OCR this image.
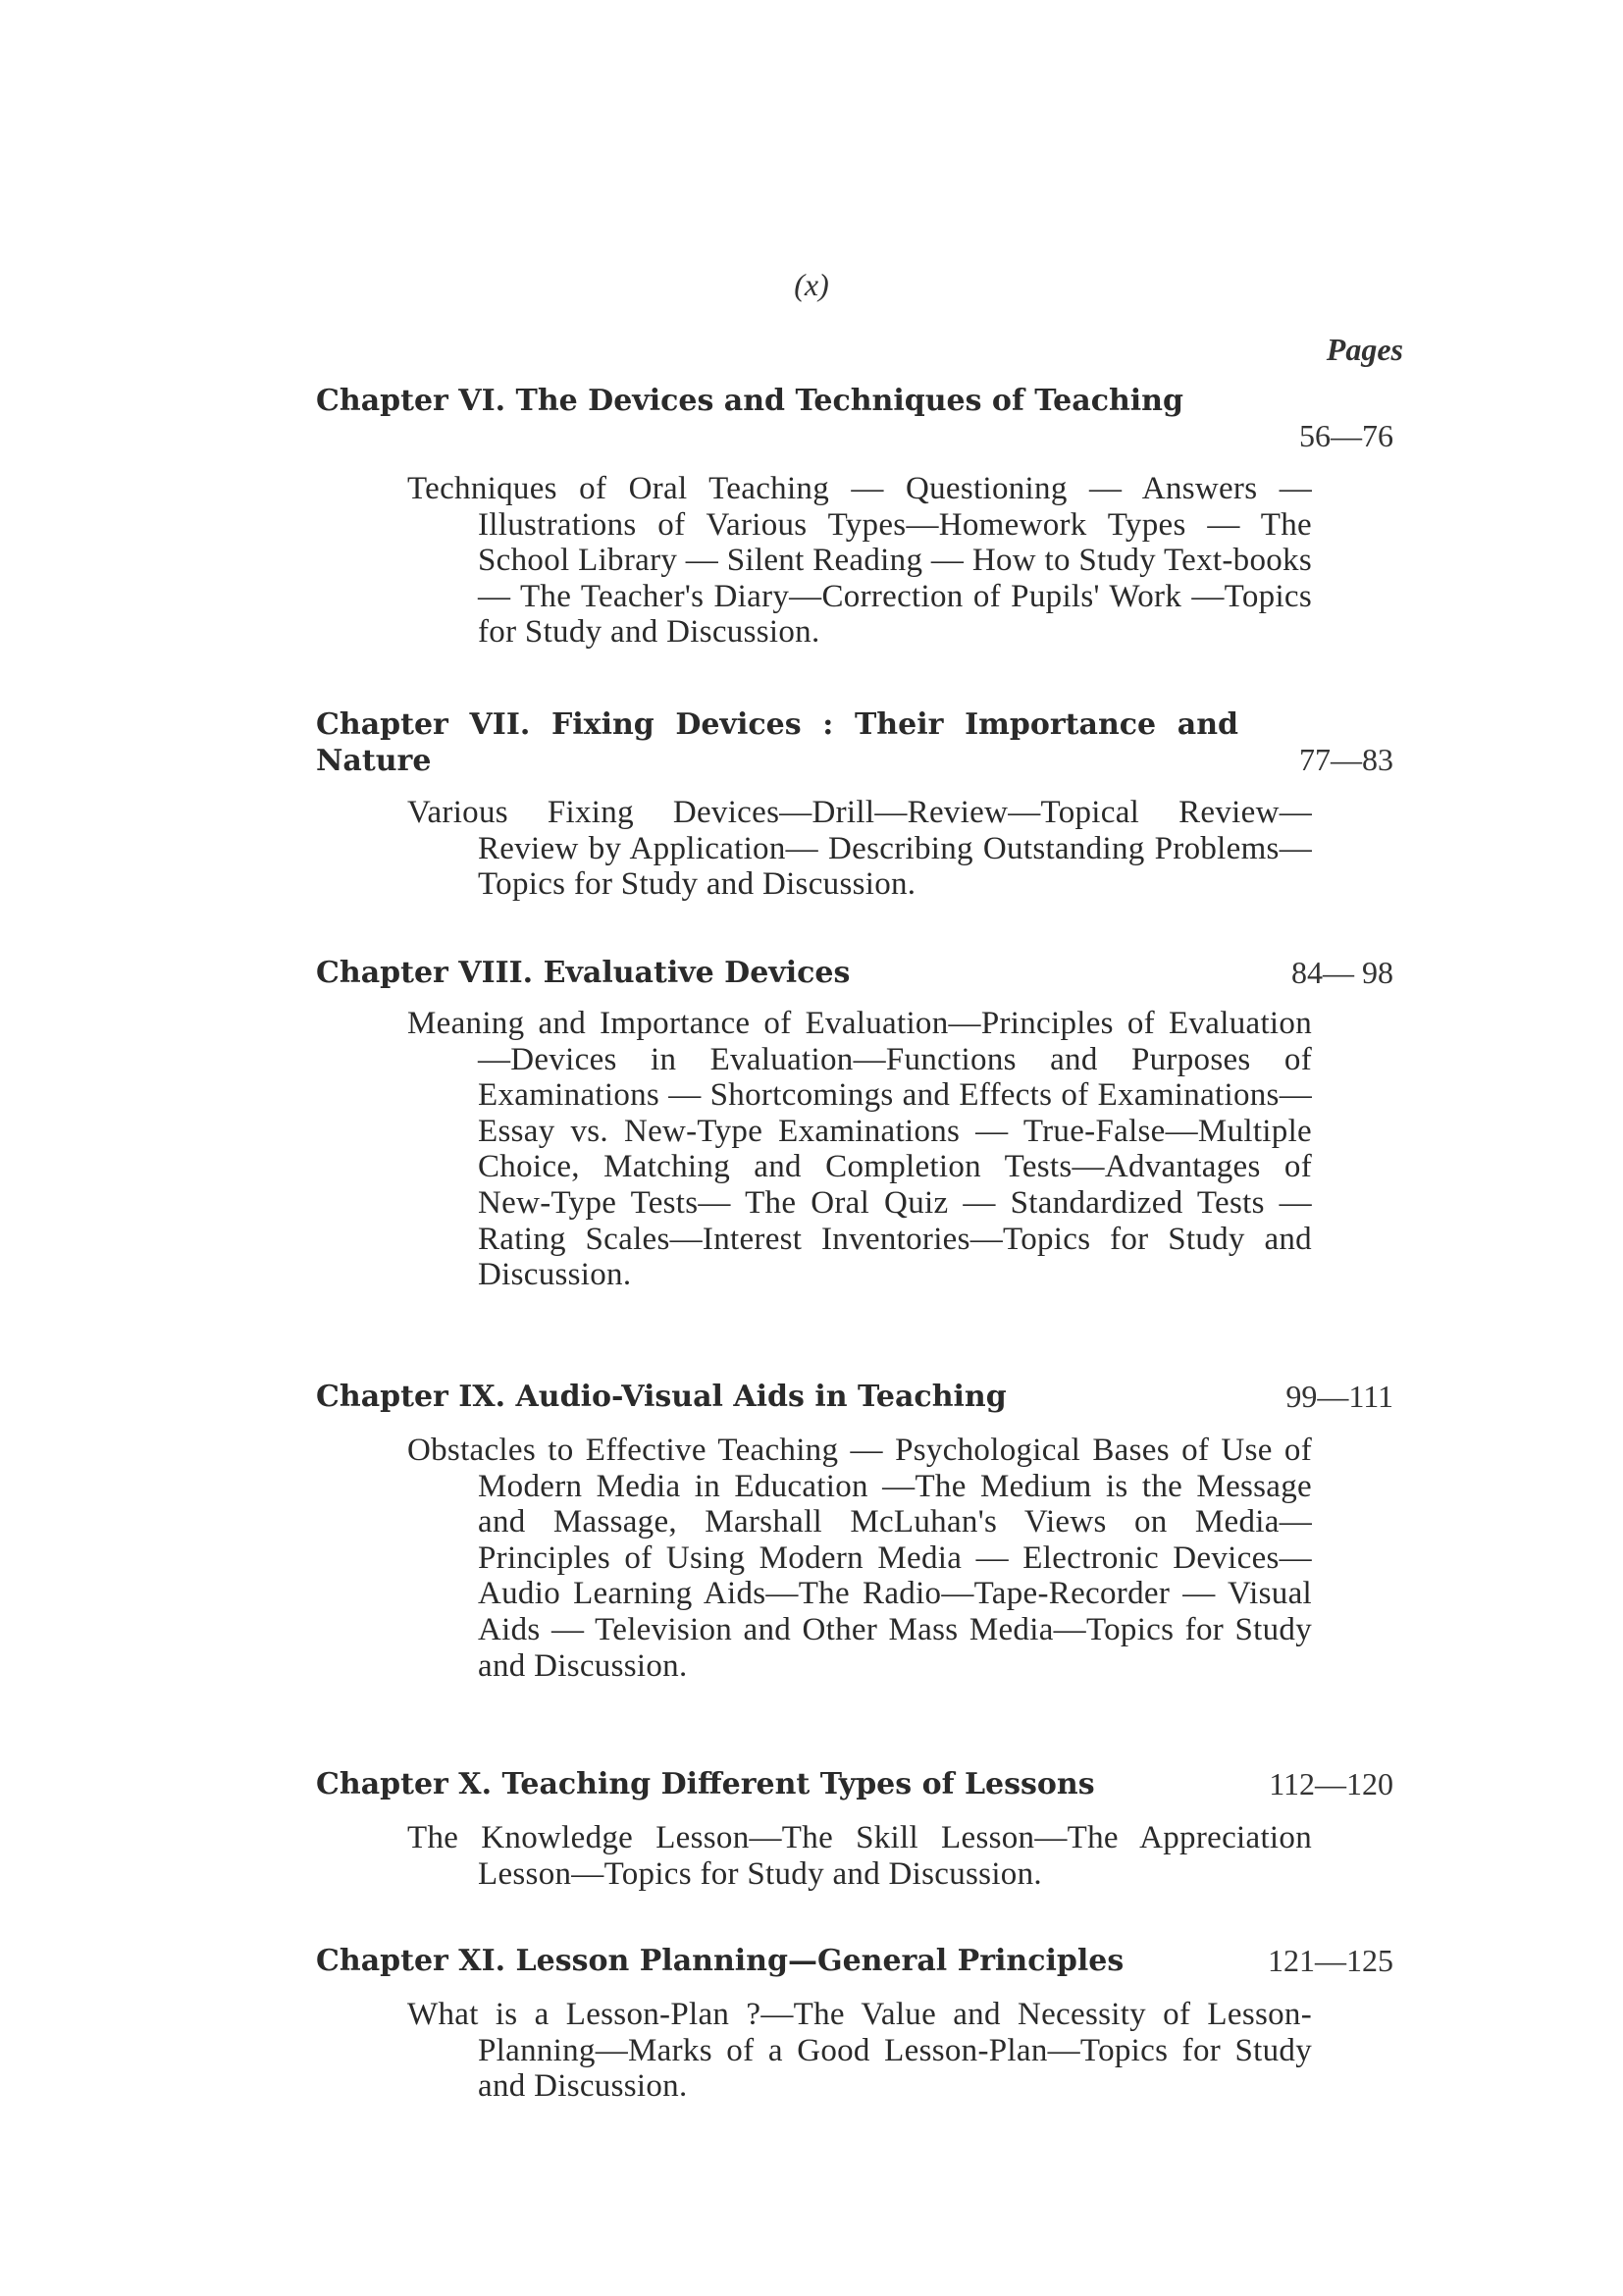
(x)
Pages
Chapter VI. The Devices and Techniques of Teaching
56—76
Techniques of Oral Teaching — Questioning — Answers — Illustrations of Various Types—Homework Types — The School Library — Silent Reading — How to Study Text-books — The Teacher's Diary—Correction of Pupils' Work —Topics for Study and Discussion.
Chapter VII. Fixing Devices : Their Importance and Nature	77—83
Various Fixing Devices—Drill—Review—Topical Review—Review by Application— Describing Outstanding Problems—Topics for Study and Discussion.
Chapter VIII. Evaluative Devices	84— 98
Meaning and Importance of Evaluation—Principles of Evaluation—Devices in Evaluation—Functions and Purposes of Examinations — Shortcomings and Effects of Examinations—Essay vs. New-Type Examinations — True-False—Multiple Choice, Matching and Completion Tests—Advantages of New-Type Tests— The Oral Quiz — Standardized Tests — Rating Scales—Interest Inventories—Topics for Study and Discussion.
Chapter IX. Audio-Visual Aids in Teaching	99—111
Obstacles to Effective Teaching — Psychological Bases of Use of Modern Media in Education —The Medium is the Message and Massage, Marshall McLuhan's Views on Media—Principles of Using Modern Media — Electronic Devices—Audio Learning Aids—The Radio—Tape-Recorder — Visual Aids — Television and Other Mass Media—Topics for Study and Discussion.
Chapter X. Teaching Different Types of Lessons	112—120
The Knowledge Lesson—The Skill Lesson—The Appreciation Lesson—Topics for Study and Discussion.
Chapter XI. Lesson Planning—General Principles	121—125
What is a Lesson-Plan ?—The Value and Necessity of Lesson-Planning—Marks of a Good Lesson-Plan—Topics for Study and Discussion.
